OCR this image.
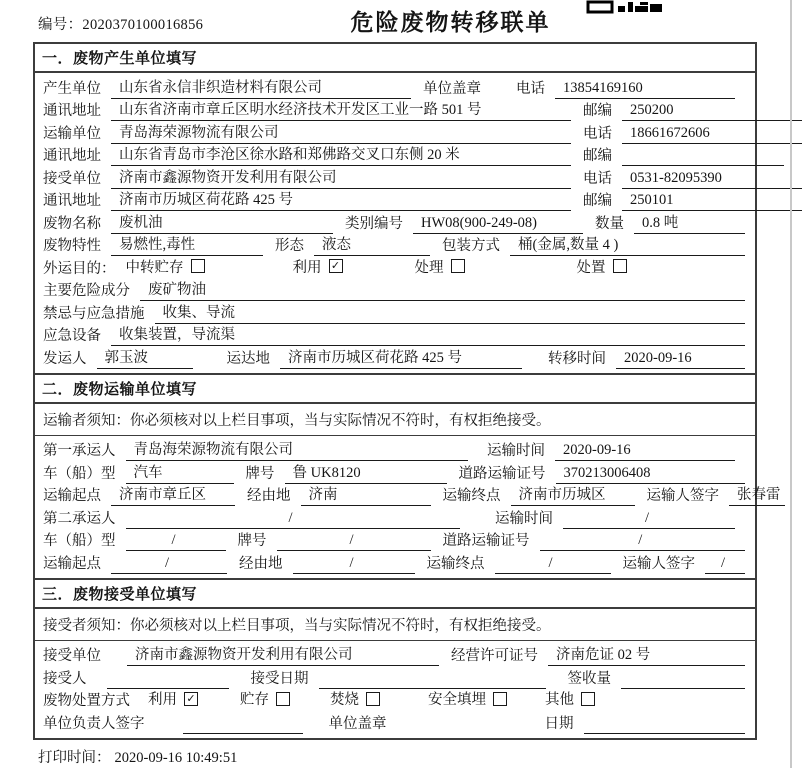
编号：2020370100016856	危险废物转移联单
一．废物产生单位填写
产生单位	山东省永信非织造材料有限公司	单位盖章	电话	13854169160
通讯地址	山东省济南市章丘区明水经济技术开发区工业一路 501 号	邮编	250200
运输单位	青岛海荣源物流有限公司	电话	18661672606
通讯地址	山东省青岛市李沧区徐水路和郑佛路交叉口东侧 20 米	邮编
接受单位	济南市鑫源物资开发利用有限公司	电话	0531-82095390
通讯地址	济南市历城区荷花路 425 号	邮编	250101
废物名称	废机油	类别编号	HW08(900-249-08)	数量	0.8 吨
废物特性	易燃性,毒性	形态	液态	包装方式	桶(金属,数量 4 )
外运目的： 中转贮存	利用 ✓	处理	处置
主要危险成分	废矿物油
禁忌与应急措施	收集、导流
应急设备	收集装置，导流渠
发运人	郭玉波	运达地	济南市历城区荷花路 425 号	转移时间	2020-09-16
二．废物运输单位填写
运输者须知：你必须核对以上栏目事项，当与实际情况不符时，有权拒绝接受。
第一承运人	青岛海荣源物流有限公司	运输时间	2020-09-16
车（船）型	汽车	牌号	鲁 UK8120	道路运输证号	370213006408
运输起点	济南市章丘区	经由地	济南	运输终点	济南市历城区	运输人签字	张春雷
第二承运人	/	运输时间	/
车（船）型	/	牌号	/	道路运输证号	/
运输起点	/	经由地	/	运输终点	/	运输人签字	/
三．废物接受单位填写
接受者须知：你必须核对以上栏目事项，当与实际情况不符时，有权拒绝接受。
接受单位	济南市鑫源物资开发利用有限公司	经营许可证号	济南危证 02 号
接受人	接受日期	签收量
废物处置方式	利用 ✓	贮存	焚烧	安全填埋	其他
单位负责人签字	单位盖章	日期
打印时间： 2020-09-16 10:49:51
